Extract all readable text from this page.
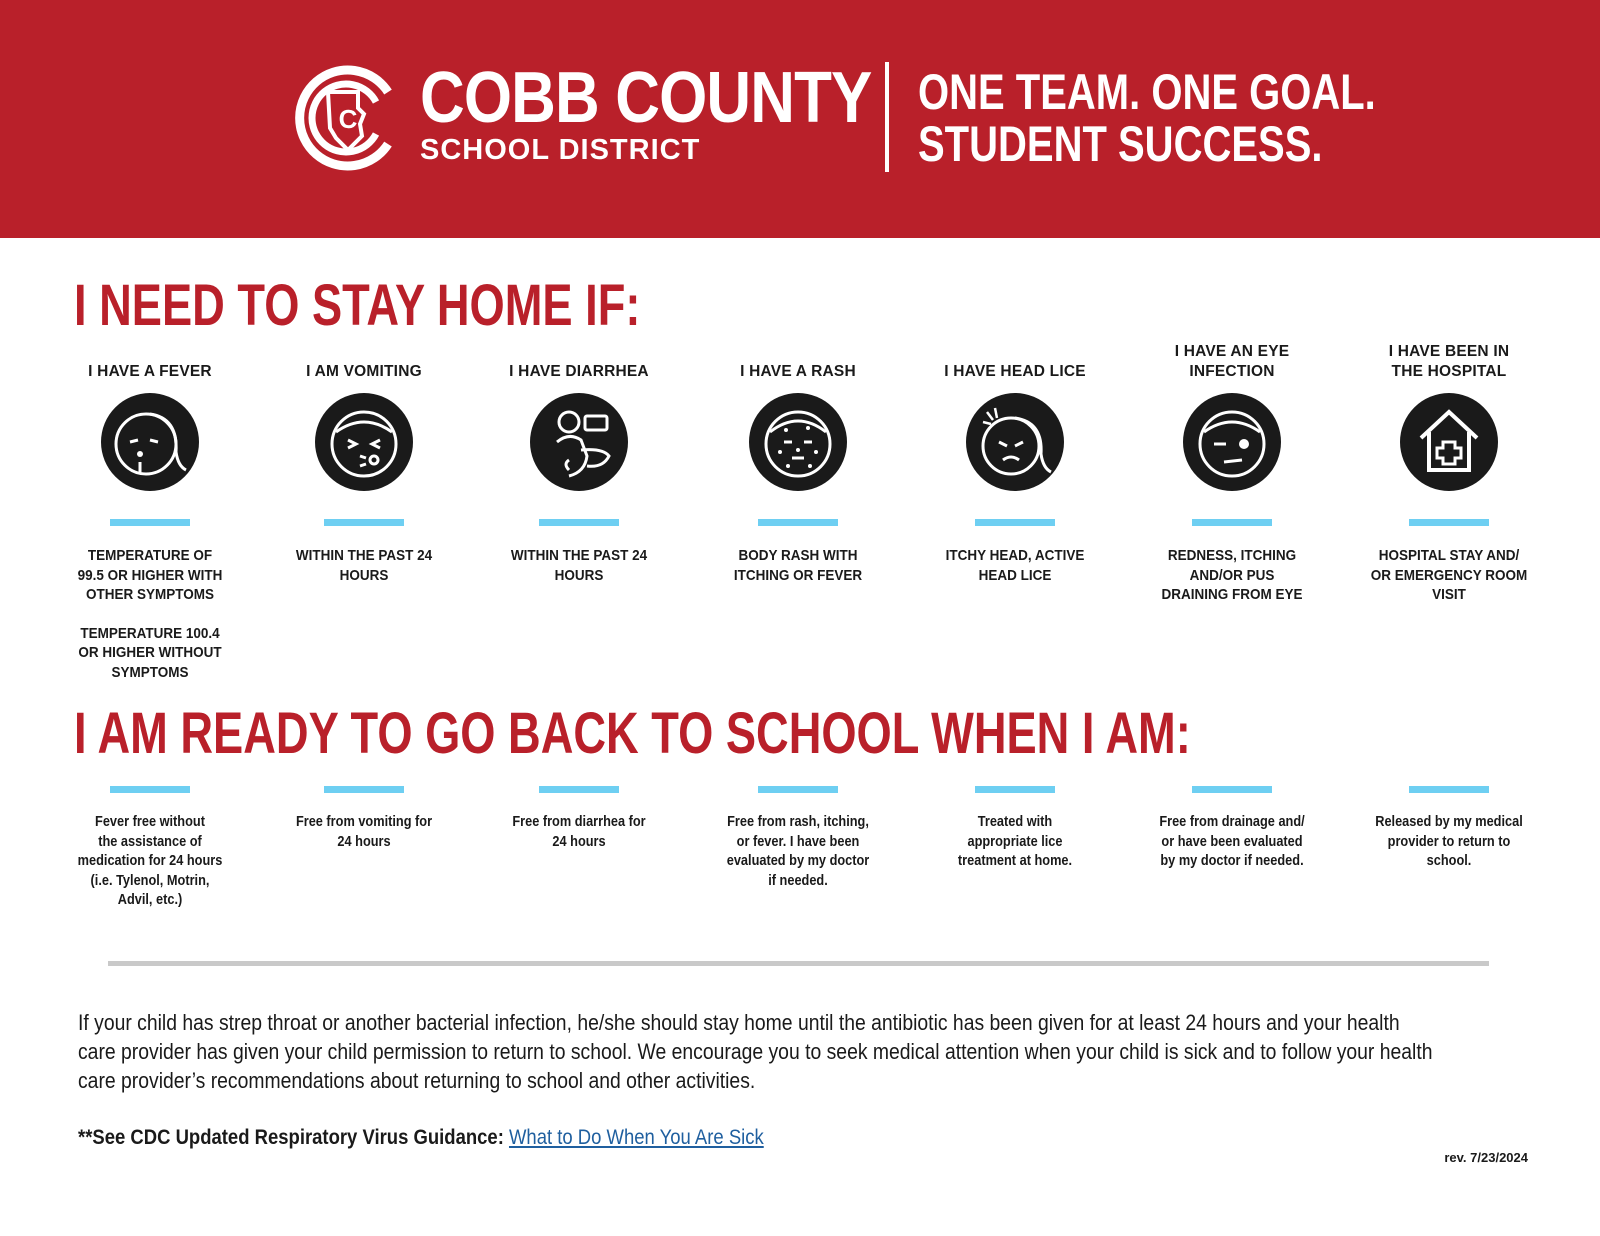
C COBB COUNTY
SCHOOL DISTRICT
ONE TEAM. ONE GOAL.
STUDENT SUCCESS.
I NEED TO STAY HOME IF:
I HAVE A FEVER
TEMPERATURE OF
99.5 OR HIGHER WITH
OTHER SYMPTOMS
TEMPERATURE 100.4
OR HIGHER WITHOUT
SYMPTOMS
I AM VOMITING
WITHIN THE PAST 24
HOURS
I HAVE DIARRHEA
WITHIN THE PAST 24
HOURS
I HAVE A RASH
BODY RASH WITH
ITCHING OR FEVER
I HAVE HEAD LICE
ITCHY HEAD, ACTIVE
HEAD LICE
I HAVE AN EYE
INFECTION
REDNESS, ITCHING
AND/OR PUS
DRAINING FROM EYE
I HAVE BEEN IN
THE HOSPITAL
HOSPITAL STAY AND/
OR EMERGENCY ROOM
VISIT
I AM READY TO GO BACK TO SCHOOL WHEN I AM:
Fever free without
the assistance of
medication for 24 hours
(i.e. Tylenol, Motrin,
Advil, etc.)
Free from vomiting for
24 hours
Free from diarrhea for
24 hours
Free from rash, itching,
or fever. I have been
evaluated by my doctor
if needed.
Treated with
appropriate lice
treatment at home.
Free from drainage and/
or have been evaluated
by my doctor if needed.
Released by my medical
provider to return to
school.
If your child has strep throat or another bacterial infection, he/she should stay home until the antibiotic has been given for at least 24 hours and your health
care provider has given your child permission to return to school. We encourage you to seek medical attention when your child is sick and to follow your health
care provider’s recommendations about returning to school and other activities.
**See CDC Updated Respiratory Virus Guidance: What to Do When You Are Sick
rev. 7/23/2024
